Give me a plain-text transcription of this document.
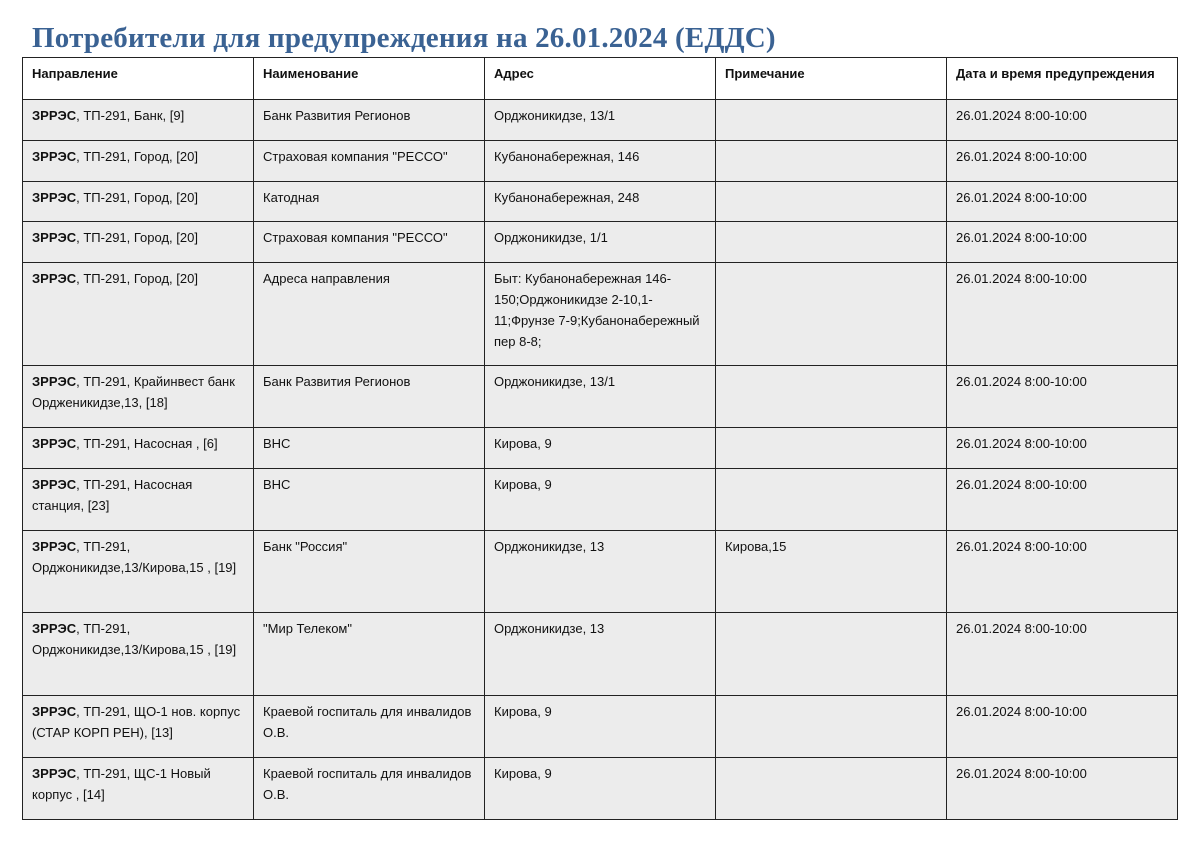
Потребители для предупреждения на 26.01.2024 (ЕДДС)
Направление	Наименование	Адрес	Примечание	Дата и время предупреждения
ЗРРЭС, ТП-291, Банк, [9]	Банк Развития Регионов	Орджоникидзе, 13/1		26.01.2024 8:00-10:00
ЗРРЭС, ТП-291, Город, [20]	Страховая компания "РЕССО"	Кубанонабережная, 146		26.01.2024 8:00-10:00
ЗРРЭС, ТП-291, Город, [20]	Катодная	Кубанонабережная, 248		26.01.2024 8:00-10:00
ЗРРЭС, ТП-291, Город, [20]	Страховая компания "РЕССО"	Орджоникидзе, 1/1		26.01.2024 8:00-10:00
ЗРРЭС, ТП-291, Город, [20]	Адреса направления	Быт: Кубанонабережная 146-150;Орджоникидзе 2-10,1-11;Фрунзе 7-9;Кубанонабережный пер 8-8;		26.01.2024 8:00-10:00
ЗРРЭС, ТП-291, Крайинвест банк Ордженикидзе,13, [18]	Банк Развития Регионов	Орджоникидзе, 13/1		26.01.2024 8:00-10:00
ЗРРЭС, ТП-291, Насосная , [6]	ВНС	Кирова, 9		26.01.2024 8:00-10:00
ЗРРЭС, ТП-291, Насосная станция, [23]	ВНС	Кирова, 9		26.01.2024 8:00-10:00
ЗРРЭС, ТП-291, Орджоникидзе,13/Кирова,15 , [19]	Банк "Россия"	Орджоникидзе, 13	Кирова,15	26.01.2024 8:00-10:00
ЗРРЭС, ТП-291, Орджоникидзе,13/Кирова,15 , [19]	"Мир Телеком"	Орджоникидзе, 13		26.01.2024 8:00-10:00
ЗРРЭС, ТП-291, ЩО-1 нов. корпус (СТАР КОРП РЕН), [13]	Краевой госпиталь для инвалидов О.В.	Кирова, 9		26.01.2024 8:00-10:00
ЗРРЭС, ТП-291, ЩС-1 Новый корпус , [14]	Краевой госпиталь для инвалидов О.В.	Кирова, 9		26.01.2024 8:00-10:00
